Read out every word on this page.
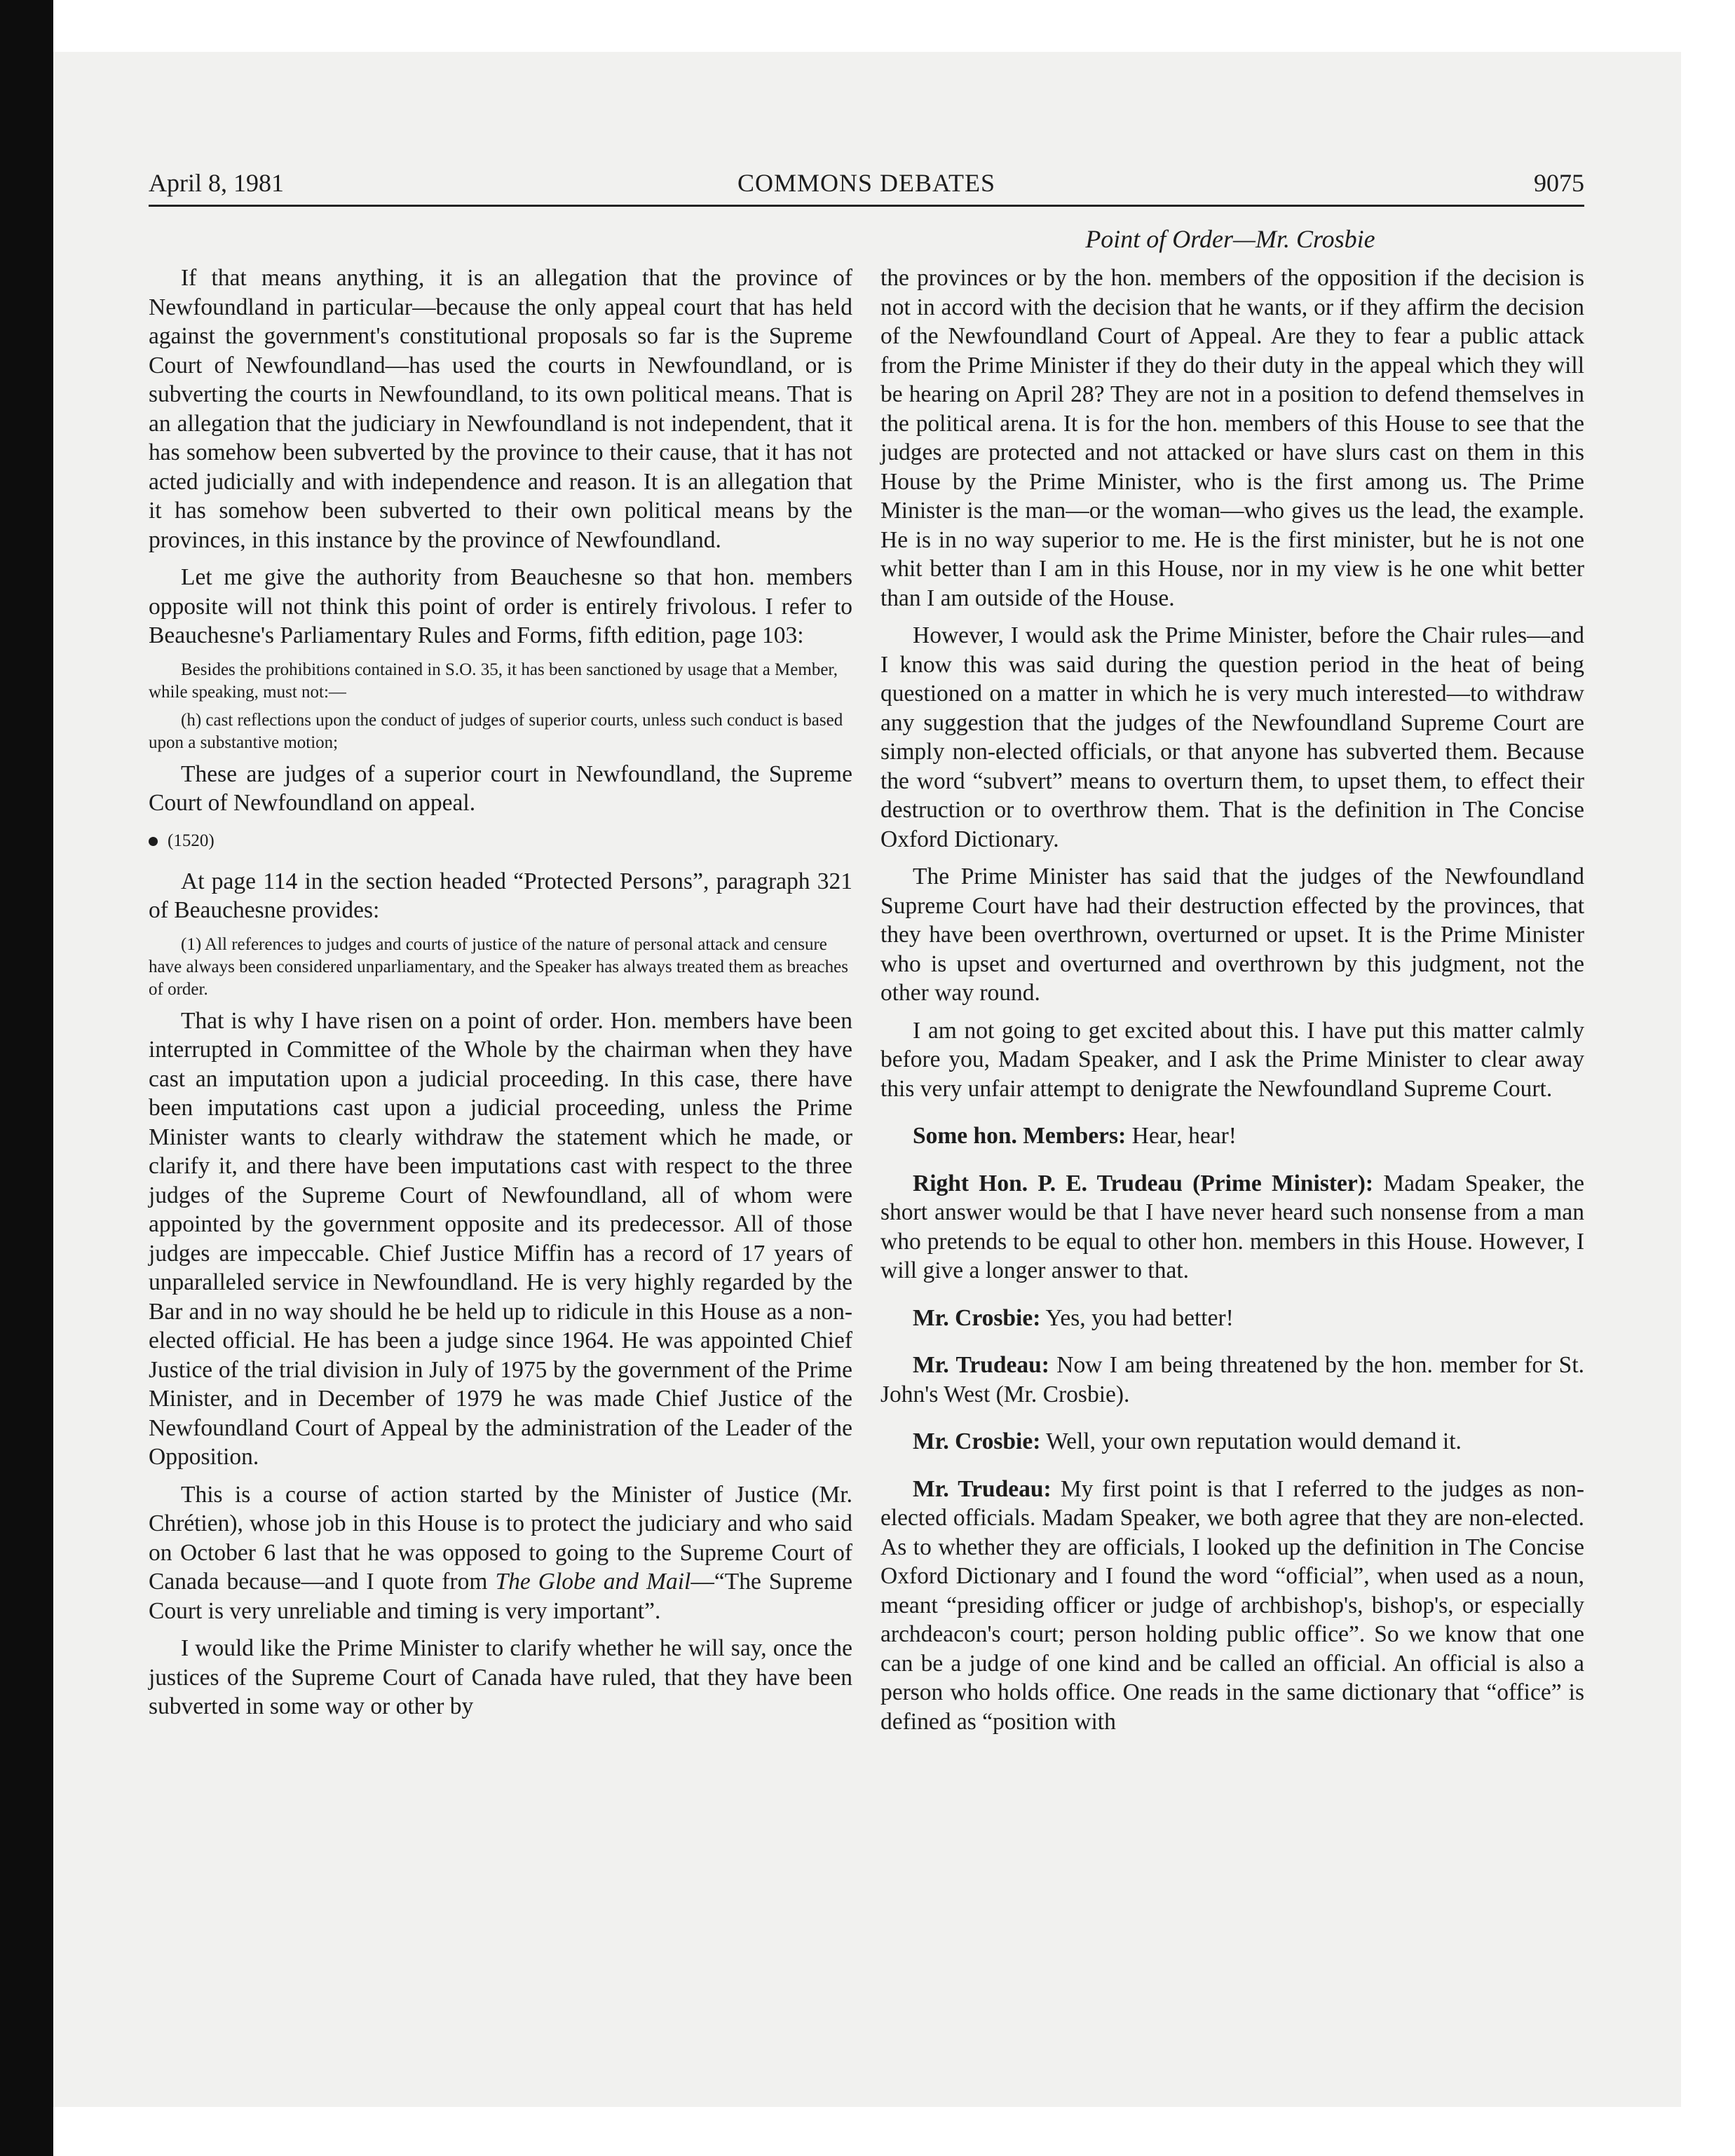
COMMONS DEBATES
April 8, 1981	9075
Point of Order—Mr. Crosbie

If that means anything, it is an allegation that the province of Newfoundland in particular—because the only appeal court that has held against the government's constitutional proposals so far is the Supreme Court of Newfoundland—has used the courts in Newfoundland, or is subverting the courts in Newfoundland, to its own political means. That is an allegation that the judiciary in Newfoundland is not independent, that it has somehow been subverted by the province to their cause, that it has not acted judicially and with independence and reason. It is an allegation that it has somehow been subverted to their own political means by the provinces, in this instance by the province of Newfoundland.

Let me give the authority from Beauchesne so that hon. members opposite will not think this point of order is entirely frivolous. I refer to Beauchesne's Parliamentary Rules and Forms, fifth edition, page 103:

Besides the prohibitions contained in S.O. 35, it has been sanctioned by usage that a Member, while speaking, must not:—
(h) cast reflections upon the conduct of judges of superior courts, unless such conduct is based upon a substantive motion;

These are judges of a superior court in Newfoundland, the Supreme Court of Newfoundland on appeal.

(1520)

At page 114 in the section headed “Protected Persons”, paragraph 321 of Beauchesne provides:

(1) All references to judges and courts of justice of the nature of personal attack and censure have always been considered unparliamentary, and the Speaker has always treated them as breaches of order.

That is why I have risen on a point of order. Hon. members have been interrupted in Committee of the Whole by the chairman when they have cast an imputation upon a judicial proceeding. In this case, there have been imputations cast upon a judicial proceeding, unless the Prime Minister wants to clearly withdraw the statement which he made, or clarify it, and there have been imputations cast with respect to the three judges of the Supreme Court of Newfoundland, all of whom were appointed by the government opposite and its predecessor. All of those judges are impeccable. Chief Justice Miffin has a record of 17 years of unparalleled service in Newfoundland. He is very highly regarded by the Bar and in no way should he be held up to ridicule in this House as a non-elected official. He has been a judge since 1964. He was appointed Chief Justice of the trial division in July of 1975 by the government of the Prime Minister, and in December of 1979 he was made Chief Justice of the Newfoundland Court of Appeal by the administration of the Leader of the Opposition.

This is a course of action started by the Minister of Justice (Mr. Chrétien), whose job in this House is to protect the judiciary and who said on October 6 last that he was opposed to going to the Supreme Court of Canada because—and I quote from The Globe and Mail—“The Supreme Court is very unreliable and timing is very important”.

I would like the Prime Minister to clarify whether he will say, once the justices of the Supreme Court of Canada have ruled, that they have been subverted in some way or other by

the provinces or by the hon. members of the opposition if the decision is not in accord with the decision that he wants, or if they affirm the decision of the Newfoundland Court of Appeal. Are they to fear a public attack from the Prime Minister if they do their duty in the appeal which they will be hearing on April 28? They are not in a position to defend themselves in the political arena. It is for the hon. members of this House to see that the judges are protected and not attacked or have slurs cast on them in this House by the Prime Minister, who is the first among us. The Prime Minister is the man—or the woman—who gives us the lead, the example. He is in no way superior to me. He is the first minister, but he is not one whit better than I am in this House, nor in my view is he one whit better than I am outside of the House.

However, I would ask the Prime Minister, before the Chair rules—and I know this was said during the question period in the heat of being questioned on a matter in which he is very much interested—to withdraw any suggestion that the judges of the Newfoundland Supreme Court are simply non-elected officials, or that anyone has subverted them. Because the word “subvert” means to overturn them, to upset them, to effect their destruction or to overthrow them. That is the definition in The Concise Oxford Dictionary.

The Prime Minister has said that the judges of the Newfoundland Supreme Court have had their destruction effected by the provinces, that they have been overthrown, overturned or upset. It is the Prime Minister who is upset and overturned and overthrown by this judgment, not the other way round.

I am not going to get excited about this. I have put this matter calmly before you, Madam Speaker, and I ask the Prime Minister to clear away this very unfair attempt to denigrate the Newfoundland Supreme Court.

Some hon. Members: Hear, hear!

Right Hon. P. E. Trudeau (Prime Minister): Madam Speaker, the short answer would be that I have never heard such nonsense from a man who pretends to be equal to other hon. members in this House. However, I will give a longer answer to that.

Mr. Crosbie: Yes, you had better!

Mr. Trudeau: Now I am being threatened by the hon. member for St. John's West (Mr. Crosbie).

Mr. Crosbie: Well, your own reputation would demand it.

Mr. Trudeau: My first point is that I referred to the judges as non-elected officials. Madam Speaker, we both agree that they are non-elected. As to whether they are officials, I looked up the definition in The Concise Oxford Dictionary and I found the word “official”, when used as a noun, meant “presiding officer or judge of archbishop's, bishop's, or especially archdeacon's court; person holding public office”. So we know that one can be a judge of one kind and be called an official. An official is also a person who holds office. One reads in the same dictionary that “office” is defined as “position with
